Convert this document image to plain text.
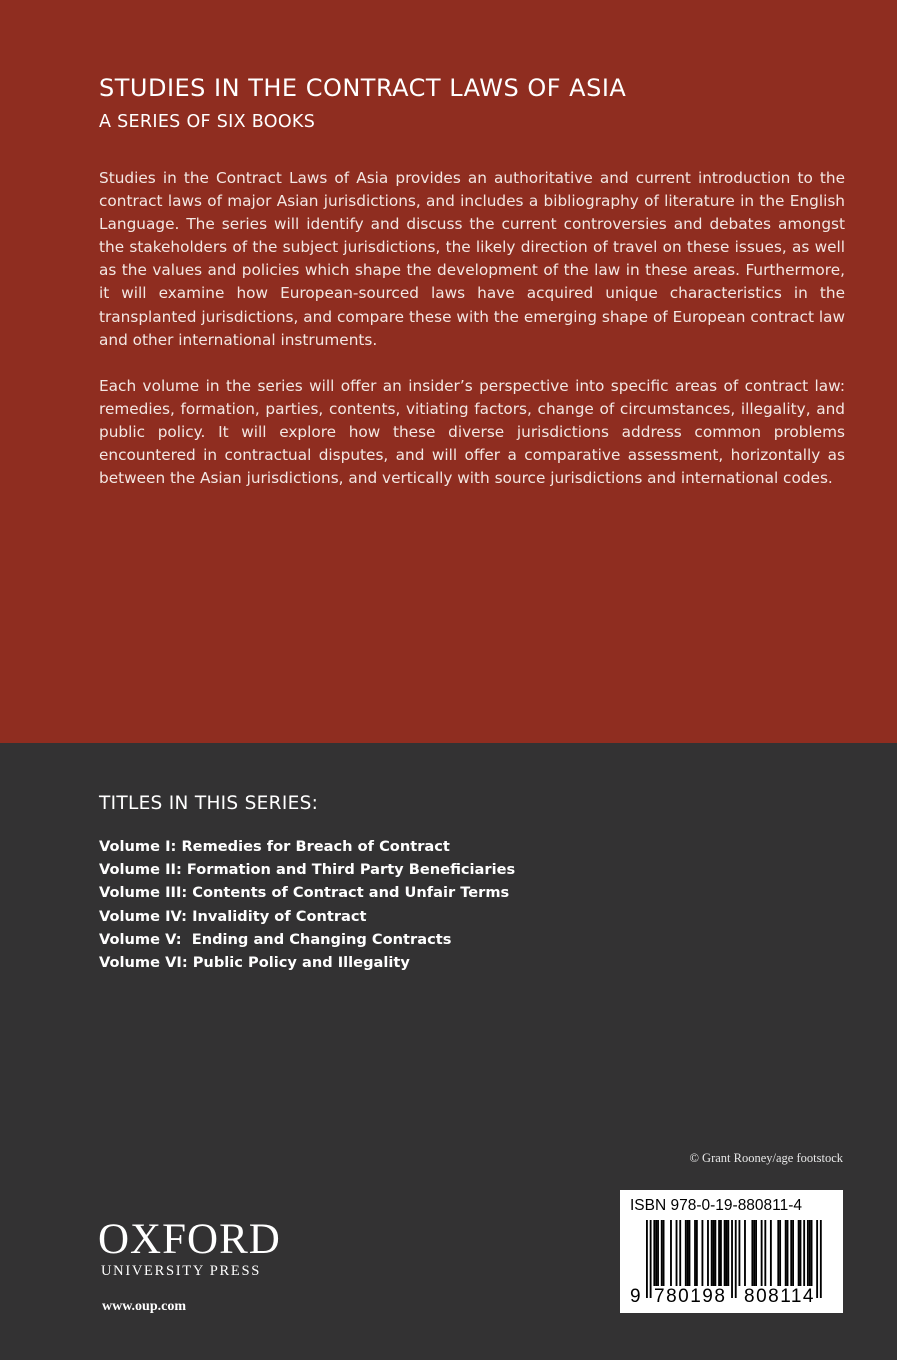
STUDIES IN THE CONTRACT LAWS OF ASIA
A SERIES OF SIX BOOKS

Studies in the Contract Laws of Asia provides an authoritative and current introduction to the contract laws of major Asian jurisdictions, and includes a bibliography of literature in the English Language. The series will identify and discuss the current controversies and debates amongst the stakeholders of the subject jurisdictions, the likely direction of travel on these issues, as well as the values and policies which shape the development of the law in these areas. Furthermore, it will examine how European-sourced laws have acquired unique characteristics in the transplanted jurisdictions, and compare these with the emerging shape of European contract law and other international instruments.

Each volume in the series will offer an insider’s perspective into specific areas of contract law: remedies, formation, parties, contents, vitiating factors, change of circumstances, illegality, and public policy. It will explore how these diverse jurisdictions address common problems encountered in contractual disputes, and will offer a comparative assessment, horizontally as between the Asian jurisdictions, and vertically with source jurisdictions and international codes.

TITLES IN THIS SERIES:
Volume I: Remedies for Breach of Contract
Volume II: Formation and Third Party Beneficiaries
Volume III: Contents of Contract and Unfair Terms
Volume IV: Invalidity of Contract
Volume V:  Ending and Changing Contracts
Volume VI: Public Policy and Illegality
© Grant Rooney/age footstock
OXFORD
UNIVERSITY PRESS
www.oup.com
ISBN 978-0-19-880811-4
9 780198 808114
